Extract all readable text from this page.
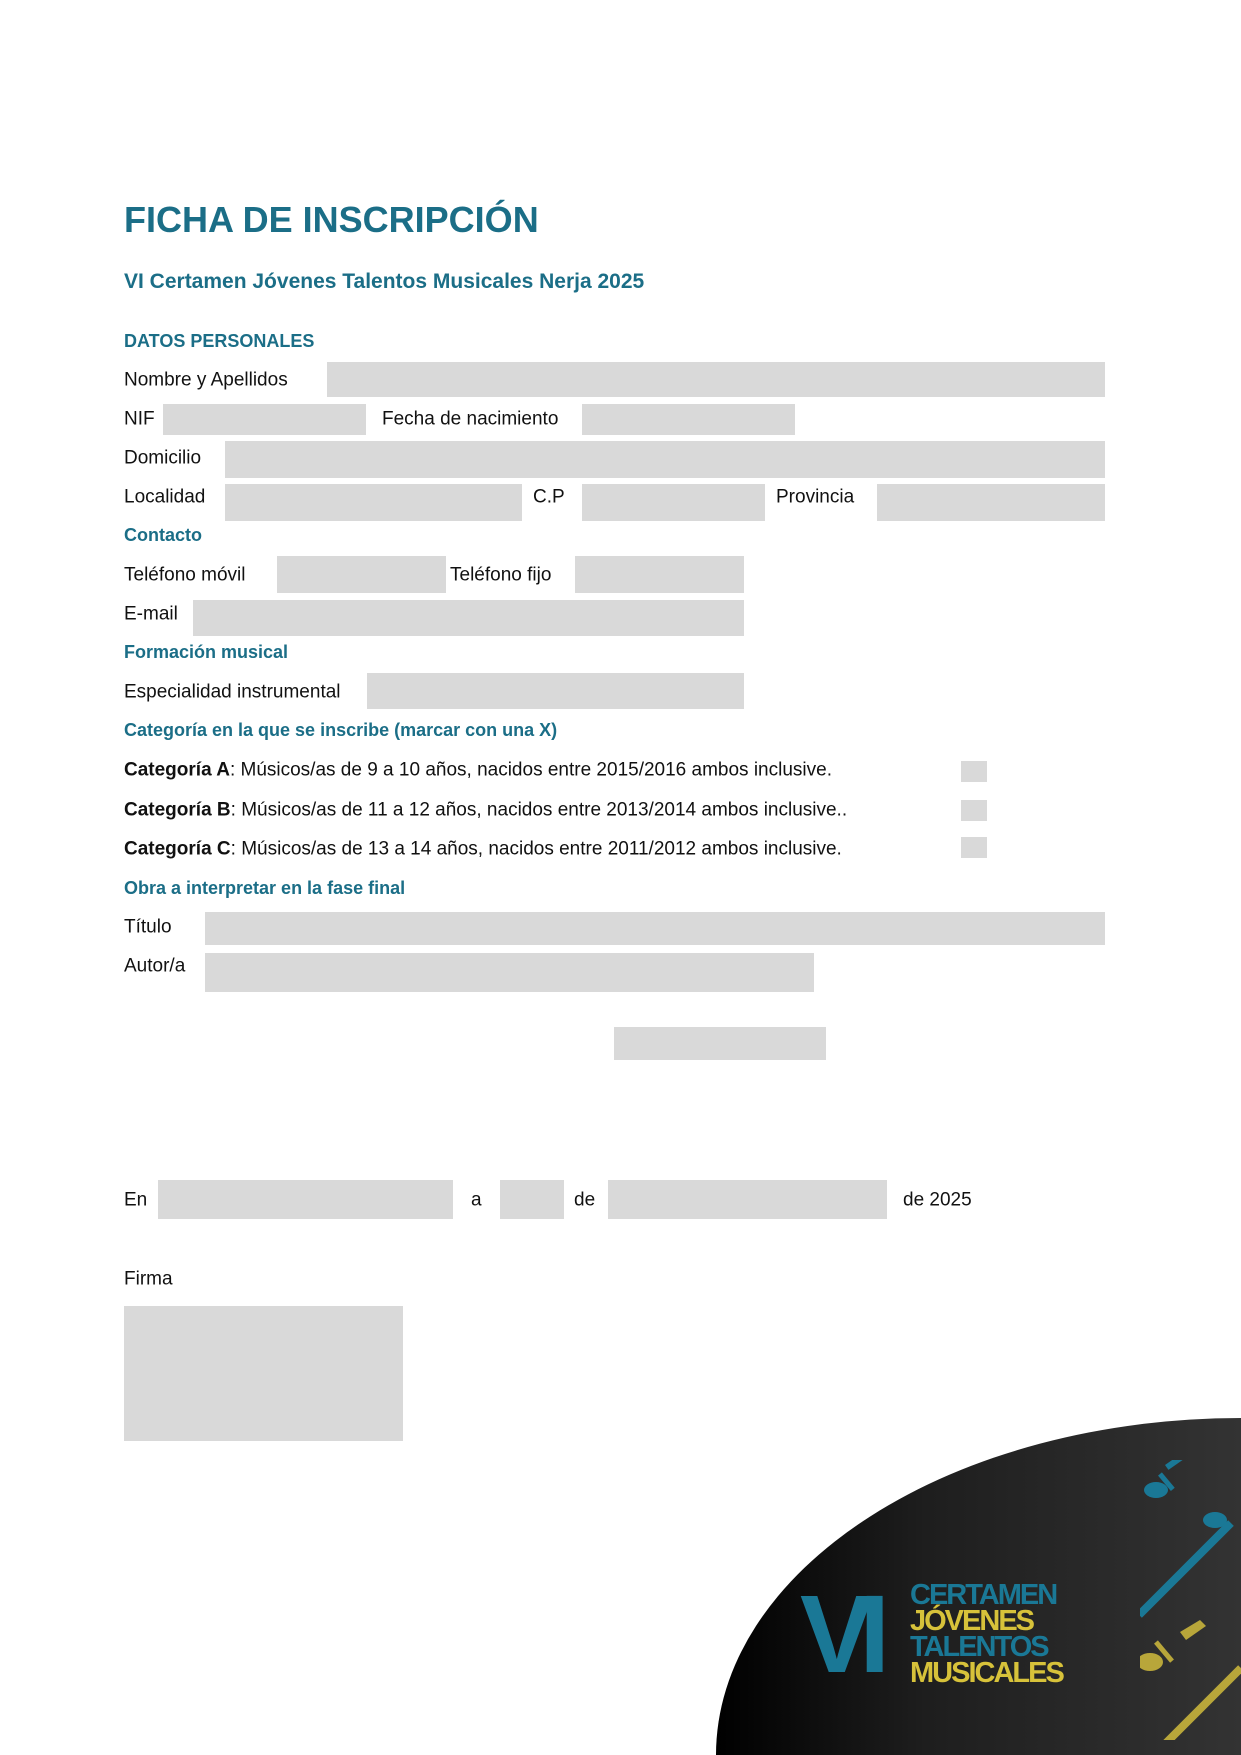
FICHA DE INSCRIPCIÓN
VI Certamen Jóvenes Talentos Musicales Nerja 2025
DATOS PERSONALES
Nombre y Apellidos
NIF	Fecha de nacimiento
Domicilio
Localidad	C.P	Provincia
Contacto
Teléfono móvil	Teléfono fijo
E-mail
Formación musical
Especialidad instrumental
Categoría en la que se inscribe (marcar con una X)
Categoría A: Músicos/as de 9 a 10 años, nacidos entre 2015/2016 ambos inclusive.
Categoría B: Músicos/as de 11 a 12 años, nacidos entre 2013/2014 ambos inclusive..
Categoría C: Músicos/as de 13 a 14 años, nacidos entre 2011/2012 ambos inclusive.
Obra a interpretar en la fase final
Título
Autor/a
En	a	de	de 2025
Firma
VI CERTAMEN
JÓVENES
TALENTOS
MUSICALES
